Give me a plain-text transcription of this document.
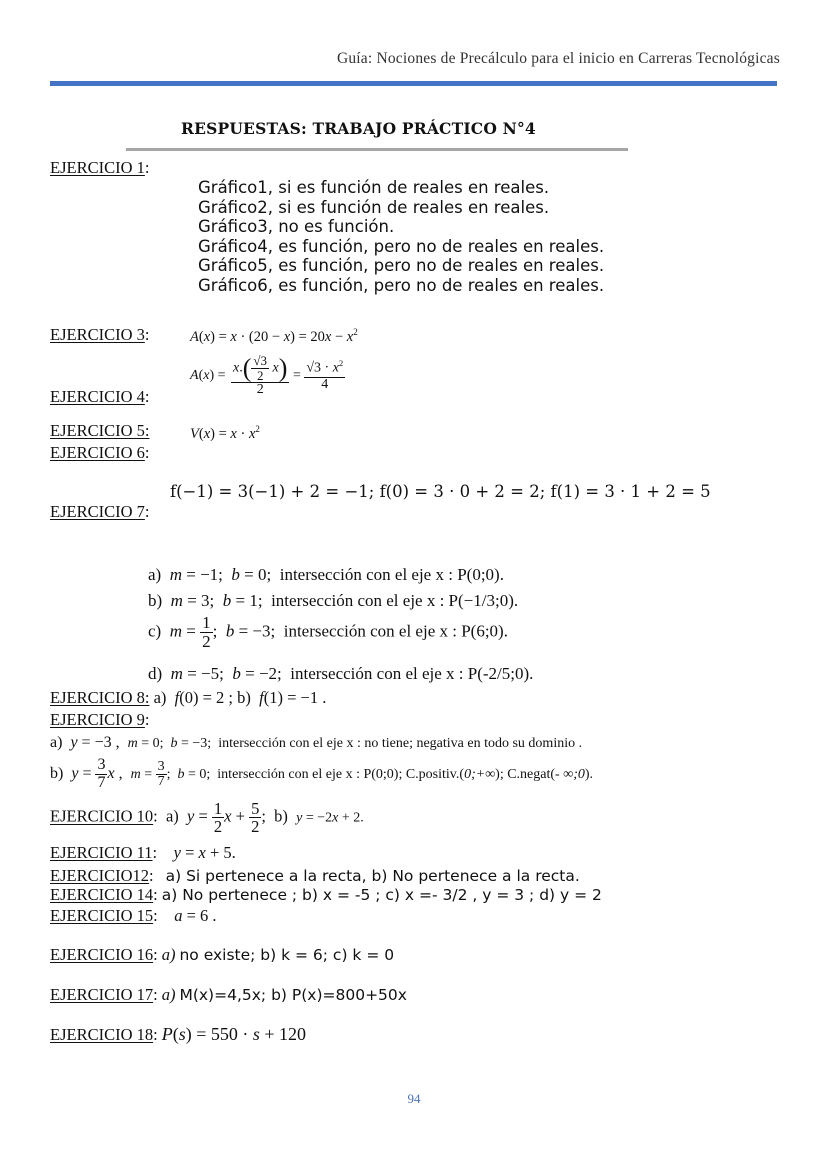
Guía: Nociones de Precálculo para el inicio en Carreras Tecnológicas
RESPUESTAS: TRABAJO PRÁCTICO N°4
EJERCICIO 1:
Gráfico1, si es función de reales en reales.
Gráfico2, si es función de reales en reales.
Gráfico3, no es función.
Gráfico4, es función, pero no de reales en reales.
Gráfico5, es función, pero no de reales en reales.
Gráfico6, es función, pero no de reales en reales.
EJERCICIO 3:	$A(x) = x \cdot (20 - x) = 20x - x^2$
EJERCICIO 4:
$A(x) = \frac{x.( \frac{√3}{2} x)}{2} = \frac{√3 \cdot x^2}{4}$
EJERCICIO 5:	$V(x) = x \cdot x^2$
EJERCICIO 6:
f(−1) = 3(−1) + 2 = −1; f(0) = 3 · 0 + 2 = 2; f(1) = 3 · 1 + 2 = 5
EJERCICIO 7:
a)  m = −1;  b = 0;  intersección con el eje x : P(0;0).
b)  m = 3;  b = 1;  intersección con el eje x : P(−1/3;0).
c)  $m = \frac{1}{2}$ ;  b = −3;  intersección con el eje x : P(6;0).
d)  m = −5;  b = −2;  intersección con el eje x : P(-2/5;0).
EJERCICIO 8: a)  f(0) = 2 ; b)  f(1) = −1 .
EJERCICIO 9:
a)  y = −3 ,  m = 0;  b = −3;  intersección con el eje x : no tiene; negativa en todo su dominio .
b)  $y = \frac{3}{7}$ x ,  $m = \frac{3}{7}$ ;  b = 0;  intersección con el eje x : P(0;0); C.positiv.(0;+∞); C.negat(- ∞;0).
EJERCICIO 10:  a)  $y = \frac{1}{2}$ $x + \frac{5}{2}$ ;  b)  y = −2x + 2.
EJERCICIO 11:    y = x + 5.
EJERCICIO12: a) Si pertenece a la recta, b) No pertenece a la recta.
EJERCICIO 14: a) No pertenece ; b) x = -5 ; c) x =- 3/2 , y = 3 ; d) y = 2
EJERCICIO 15:    a = 6 .
EJERCICIO 16: a) no existe; b) k = 6; c) k = 0
EJERCICIO 17: a) M(x)=4,5x; b) P(x)=800+50x
EJERCICIO 18: P(s) = 550 · s + 120
94
